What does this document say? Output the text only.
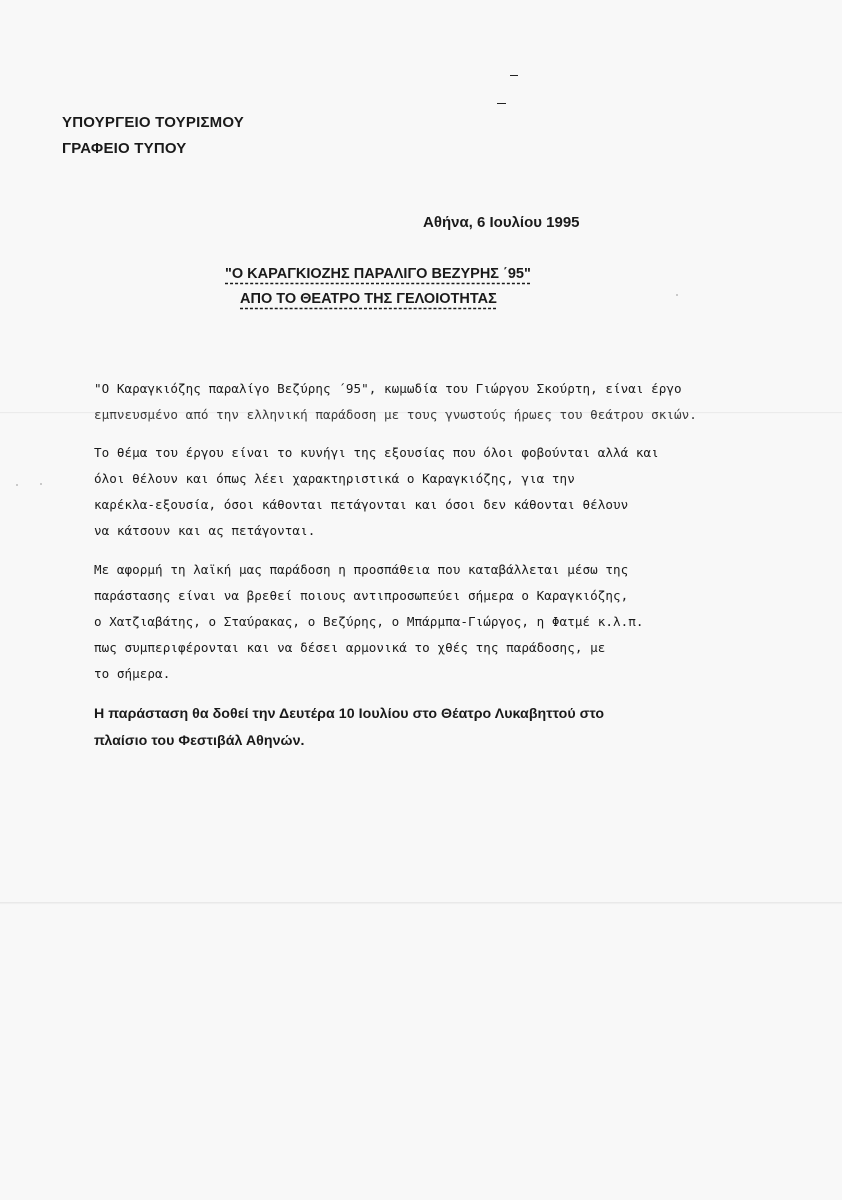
ΥΠΟΥΡΓΕΙΟ ΤΟΥΡΙΣΜΟΥ
ΓΡΑΦΕΙΟ ΤΥΠΟΥ
Αθήνα, 6 Ιουλίου 1995
"Ο ΚΑΡΑΓΚΙΟΖΗΣ ΠΑΡΑΛΙΓΟ ΒΕΖΥΡΗΣ ΄95"
ΑΠΟ ΤΟ ΘΕΑΤΡΟ ΤΗΣ ΓΕΛΟΙΟΤΗΤΑΣ
"Ο Καραγκιόζης παραλίγο Βεζύρης ΄95", κωμωδία του Γιώργου Σκούρτη, είναι έργο
εμπνευσμένο από την ελληνική παράδοση με τους γνωστούς ήρωες του θεάτρου σκιών.
Το θέμα του έργου είναι το κυνήγι της εξουσίας που όλοι φοβούνται αλλά και
όλοι θέλουν και όπως λέει χαρακτηριστικά ο Καραγκιόζης, για την
καρέκλα-εξουσία, όσοι κάθονται πετάγονται και όσοι δεν κάθονται θέλουν
να κάτσουν και ας πετάγονται.
Με αφορμή τη λαϊκή μας παράδοση η προσπάθεια που καταβάλλεται μέσω της
παράστασης είναι να βρεθεί ποιους αντιπροσωπεύει σήμερα ο Καραγκιόζης,
ο Χατζιαβάτης, ο Σταύρακας, ο Βεζύρης, ο Μπάρμπα-Γιώργος, η Φατμέ κ.λ.π.
πως συμπεριφέρονται και να δέσει αρμονικά το χθές της παράδοσης, με
το σήμερα.
Η παράσταση θα δοθεί την Δευτέρα 10 Ιουλίου στο Θέατρο Λυκαβηττού στο
πλαίσιο του Φεστιβάλ Αθηνών.
